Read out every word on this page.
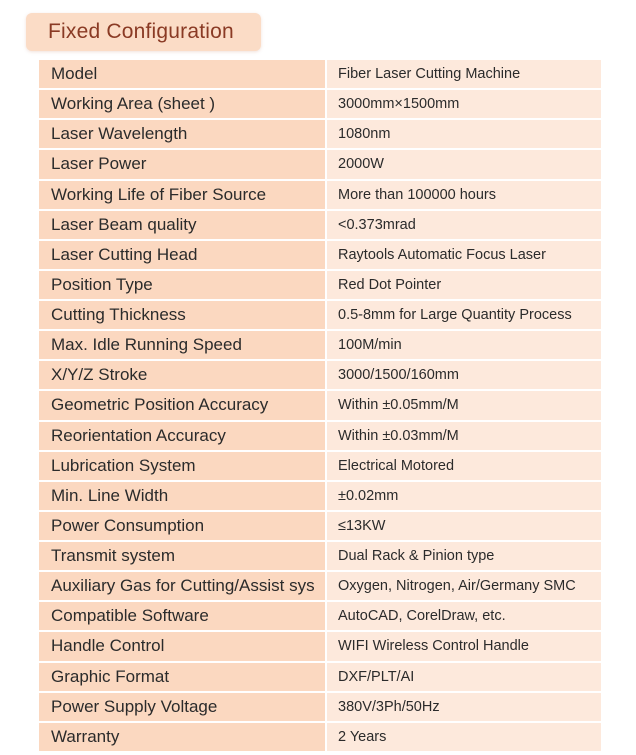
Fixed Configuration
Model	Fiber Laser Cutting Machine
Working Area (sheet )	3000mm×1500mm
Laser Wavelength	1080nm
Laser Power	2000W
Working Life of Fiber Source	More than 100000 hours
Laser Beam quality	<0.373mrad
Laser Cutting Head	Raytools Automatic Focus Laser
Position Type	Red Dot Pointer
Cutting Thickness	0.5-8mm for Large Quantity Process
Max. Idle Running Speed	100M/min
X/Y/Z Stroke	3000/1500/160mm
Geometric Position Accuracy	Within ±0.05mm/M
Reorientation Accuracy	Within ±0.03mm/M
Lubrication System	Electrical Motored
Min. Line Width	±0.02mm
Power Consumption	≤13KW
Transmit system	Dual Rack & Pinion type
Auxiliary Gas for Cutting/Assist sys	Oxygen, Nitrogen, Air/Germany SMC
Compatible Software	AutoCAD, CorelDraw, etc.
Handle Control	WIFI Wireless Control Handle
Graphic Format	DXF/PLT/AI
Power Supply Voltage	380V/3Ph/50Hz
Warranty	2 Years
